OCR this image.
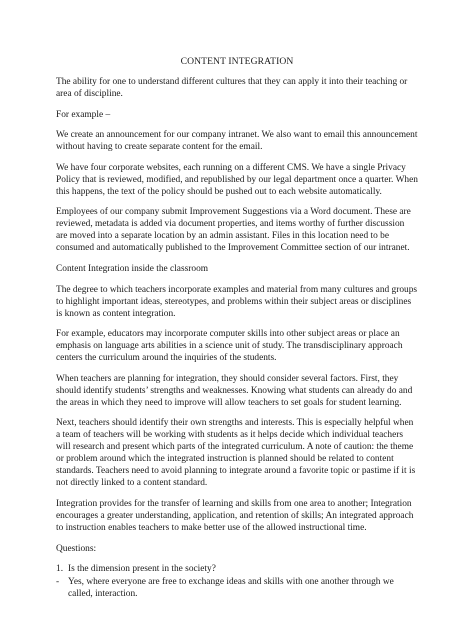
CONTENT INTEGRATION

The ability for one to understand different cultures that they can apply it into their teaching or area of discipline.

For example –

We create an announcement for our company intranet. We also want to email this announcement without having to create separate content for the email.

We have four corporate websites, each running on a different CMS. We have a single Privacy Policy that is reviewed, modified, and republished by our legal department once a quarter. When this happens, the text of the policy should be pushed out to each website automatically.

Employees of our company submit Improvement Suggestions via a Word document. These are reviewed, metadata is added via document properties, and items worthy of further discussion are moved into a separate location by an admin assistant. Files in this location need to be consumed and automatically published to the Improvement Committee section of our intranet.

Content Integration inside the classroom

The degree to which teachers incorporate examples and material from many cultures and groups to highlight important ideas, stereotypes, and problems within their subject areas or disciplines is known as content integration.

For example, educators may incorporate computer skills into other subject areas or place an emphasis on language arts abilities in a science unit of study. The transdisciplinary approach centers the curriculum around the inquiries of the students.

When teachers are planning for integration, they should consider several factors. First, they should identify students’ strengths and weaknesses. Knowing what students can already do and the areas in which they need to improve will allow teachers to set goals for student learning.

Next, teachers should identify their own strengths and interests. This is especially helpful when a team of teachers will be working with students as it helps decide which individual teachers will research and present which parts of the integrated curriculum. A note of caution: the theme or problem around which the integrated instruction is planned should be related to content standards. Teachers need to avoid planning to integrate around a favorite topic or pastime if it is not directly linked to a content standard.

Integration provides for the transfer of learning and skills from one area to another; Integration encourages a greater understanding, application, and retention of skills; An integrated approach to instruction enables teachers to make better use of the allowed instructional time.

Questions:

1. Is the dimension present in the society?
- Yes, where everyone are free to exchange ideas and skills with one another through we called, interaction.
